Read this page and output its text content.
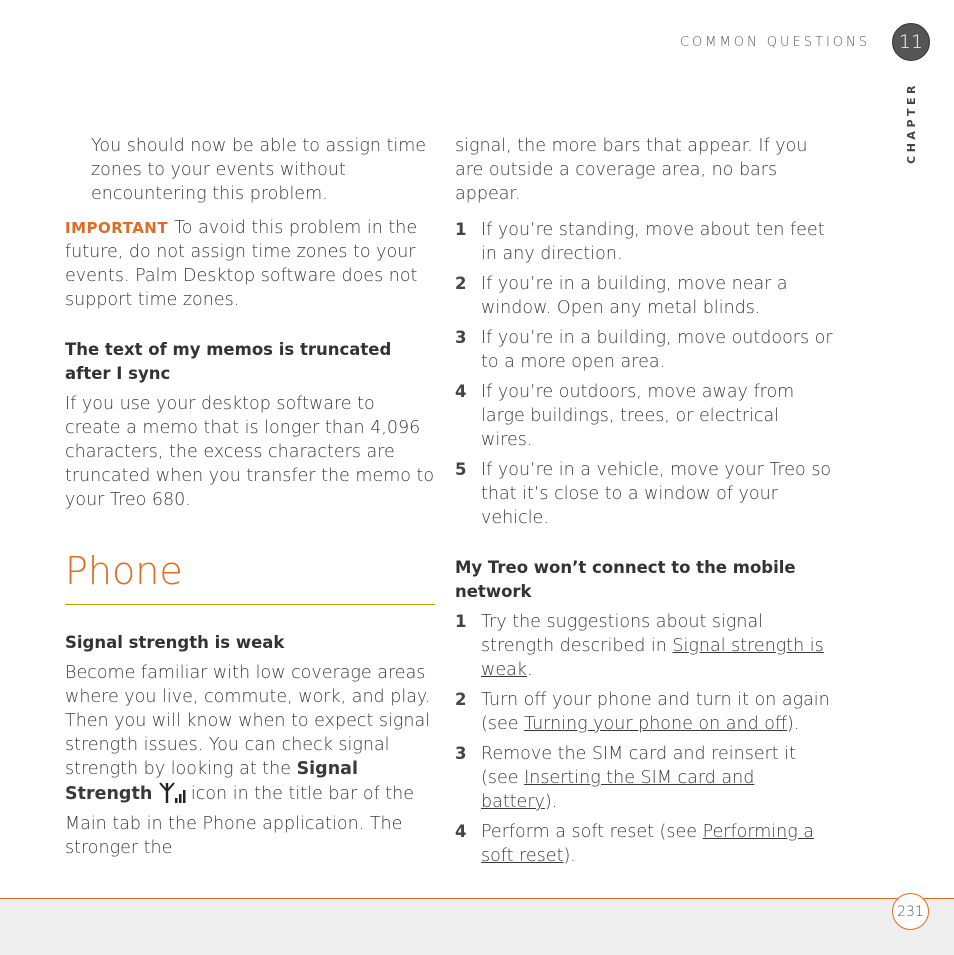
COMMON QUESTIONS	11
CHAPTER

You should now be able to assign time zones to your events without encountering this problem.

IMPORTANT To avoid this problem in the future, do not assign time zones to your events. Palm Desktop software does not support time zones.

The text of my memos is truncated after I sync

If you use your desktop software to create a memo that is longer than 4,096 characters, the excess characters are truncated when you transfer the memo to your Treo 680.

Phone
Signal strength is weak

Become familiar with low coverage areas where you live, commute, work, and play. Then you will know when to expect signal strength issues. You can check signal strength by looking at the Signal Strength icon in the title bar of the Main tab in the Phone application. The stronger the

signal, the more bars that appear. If you are outside a coverage area, no bars appear.

1 If you’re standing, move about ten feet in any direction.
2 If you’re in a building, move near a window. Open any metal blinds.
3 If you’re in a building, move outdoors or to a more open area.
4 If you’re outdoors, move away from large buildings, trees, or electrical wires.
5 If you’re in a vehicle, move your Treo so that it’s close to a window of your vehicle.
My Treo won’t connect to the mobile network
1 Try the suggestions about signal strength described in Signal strength is weak.
2 Turn off your phone and turn it on again (see Turning your phone on and off).
3 Remove the SIM card and reinsert it (see Inserting the SIM card and battery).
4 Perform a soft reset (see Performing a soft reset).
231
